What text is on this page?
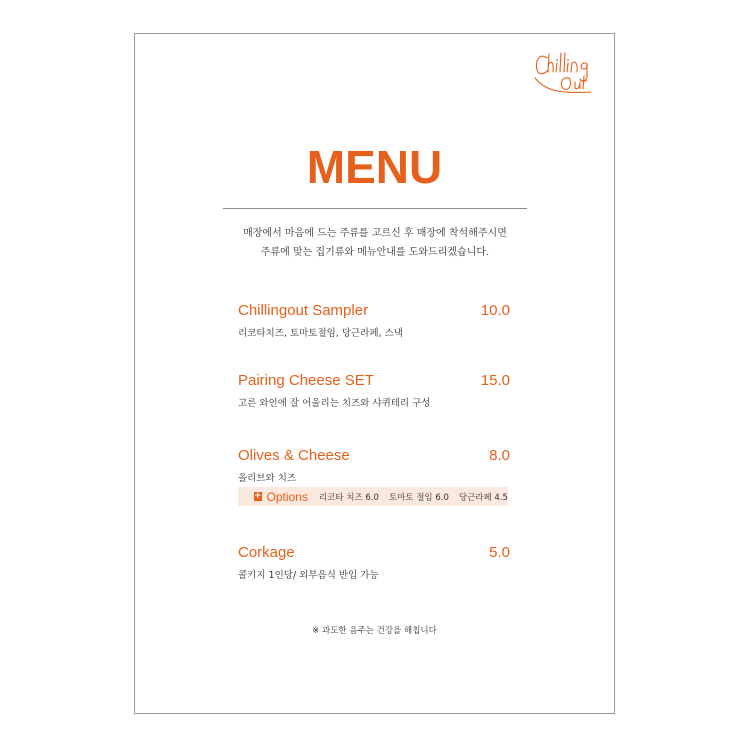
MENU
매장에서 마음에 드는 주류를 고르신 후 매장에 착석해주시면
주류에 맞는 집기류와 메뉴안내를 도와드리겠습니다.
Chillingout Sampler	10.0
리코타치즈, 토마토절임, 당근라페, 스낵
Pairing Cheese SET	15.0
고른 와인에 잘 어울리는 치즈와 샤퀴테리 구성
Olives & Cheese	8.0
올리브와 치즈
+ Options 리코타 치즈 6.0 토마토 절임 6.0 당근라페 4.5
Corkage	5.0
콜키지 1인당/ 외부음식 반입 가능
※ 과도한 음주는 건강을 해칩니다
